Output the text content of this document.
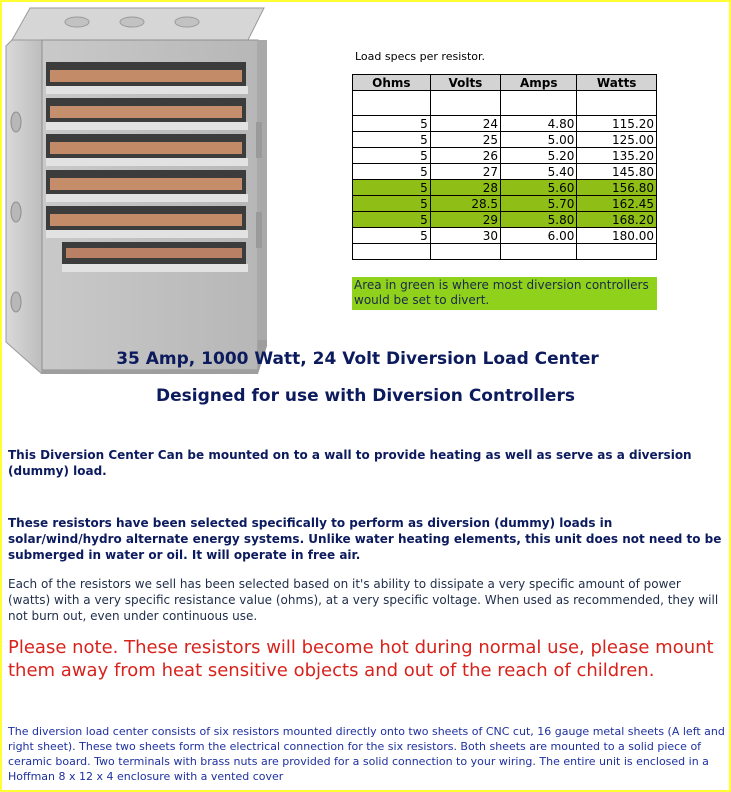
Load specs per resistor.
Ohms	Volts	Amps	Watts

5	24	4.80	115.20
5	25	5.00	125.00
5	26	5.20	135.20
5	27	5.40	145.80
5	28	5.60	156.80
5	28.5	5.70	162.45
5	29	5.80	168.20
5	30	6.00	180.00

Area in green is where most diversion controllers would be set to divert.
35 Amp, 1000 Watt, 24 Volt Diversion Load Center
Designed for use with Diversion Controllers

This Diversion Center Can be mounted on to a wall to provide heating as well as serve as a diversion (dummy) load.

These resistors have been selected specifically to perform as diversion (dummy) loads in solar/wind/hydro alternate energy systems. Unlike water heating elements, this unit does not need to be submerged in water or oil. It will operate in free air.

Each of the resistors we sell has been selected based on it's ability to dissipate a very specific amount of power (watts) with a very specific resistance value (ohms), at a very specific voltage. When used as recommended, they will not burn out, even under continuous use.

Please note. These resistors will become hot during normal use, please mount them away from heat sensitive objects and out of the reach of children.

The diversion load center consists of six resistors mounted directly onto two sheets of CNC cut, 16 gauge metal sheets (A left and right sheet). These two sheets form the electrical connection for the six resistors. Both sheets are mounted to a solid piece of ceramic board. Two terminals with brass nuts are provided for a solid connection to your wiring. The entire unit is enclosed in a Hoffman 8 x 12 x 4 enclosure with a vented cover
